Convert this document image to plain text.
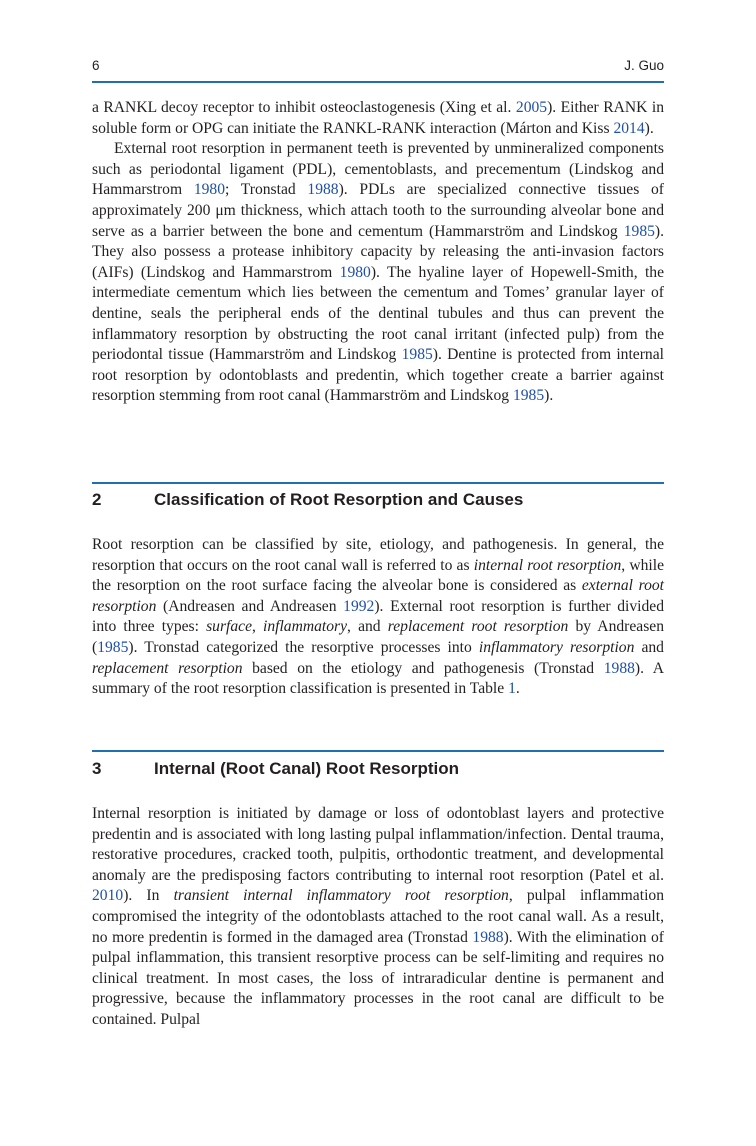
6	J. Guo

a RANKL decoy receptor to inhibit osteoclastogenesis (Xing et al. 2005). Either RANK in soluble form or OPG can initiate the RANKL-RANK interaction (Márton and Kiss 2014).

External root resorption in permanent teeth is prevented by unmineralized components such as periodontal ligament (PDL), cementoblasts, and precementum (Lindskog and Hammarstrom 1980; Tronstad 1988). PDLs are specialized connective tissues of approximately 200 μm thickness, which attach tooth to the surrounding alveolar bone and serve as a barrier between the bone and cementum (Hammarström and Lindskog 1985). They also possess a protease inhibitory capacity by releasing the anti-invasion factors (AIFs) (Lindskog and Hammarstrom 1980). The hyaline layer of Hopewell-Smith, the intermediate cementum which lies between the cementum and Tomes’ granular layer of dentine, seals the peripheral ends of the dentinal tubules and thus can prevent the inflammatory resorption by obstructing the root canal irritant (infected pulp) from the periodontal tissue (Hammarström and Lindskog 1985). Dentine is protected from internal root resorption by odontoblasts and predentin, which together create a barrier against resorption stemming from root canal (Hammarström and Lindskog 1985).

2	Classification of Root Resorption and Causes

Root resorption can be classified by site, etiology, and pathogenesis. In general, the resorption that occurs on the root canal wall is referred to as internal root resorption, while the resorption on the root surface facing the alveolar bone is considered as external root resorption (Andreasen and Andreasen 1992). External root resorption is further divided into three types: surface, inflammatory, and replacement root resorption by Andreasen (1985). Tronstad categorized the resorptive processes into inflammatory resorption and replacement resorption based on the etiology and pathogenesis (Tronstad 1988). A summary of the root resorption classification is presented in Table 1.

3	Internal (Root Canal) Root Resorption

Internal resorption is initiated by damage or loss of odontoblast layers and protective predentin and is associated with long lasting pulpal inflammation/infection. Dental trauma, restorative procedures, cracked tooth, pulpitis, orthodontic treatment, and developmental anomaly are the predisposing factors contributing to internal root resorption (Patel et al. 2010). In transient internal inflammatory root resorption, pulpal inflammation compromised the integrity of the odontoblasts attached to the root canal wall. As a result, no more predentin is formed in the damaged area (Tronstad 1988). With the elimination of pulpal inflammation, this transient resorptive process can be self-limiting and requires no clinical treatment. In most cases, the loss of intraradicular dentine is permanent and progressive, because the inflammatory processes in the root canal are difficult to be contained. Pulpal
